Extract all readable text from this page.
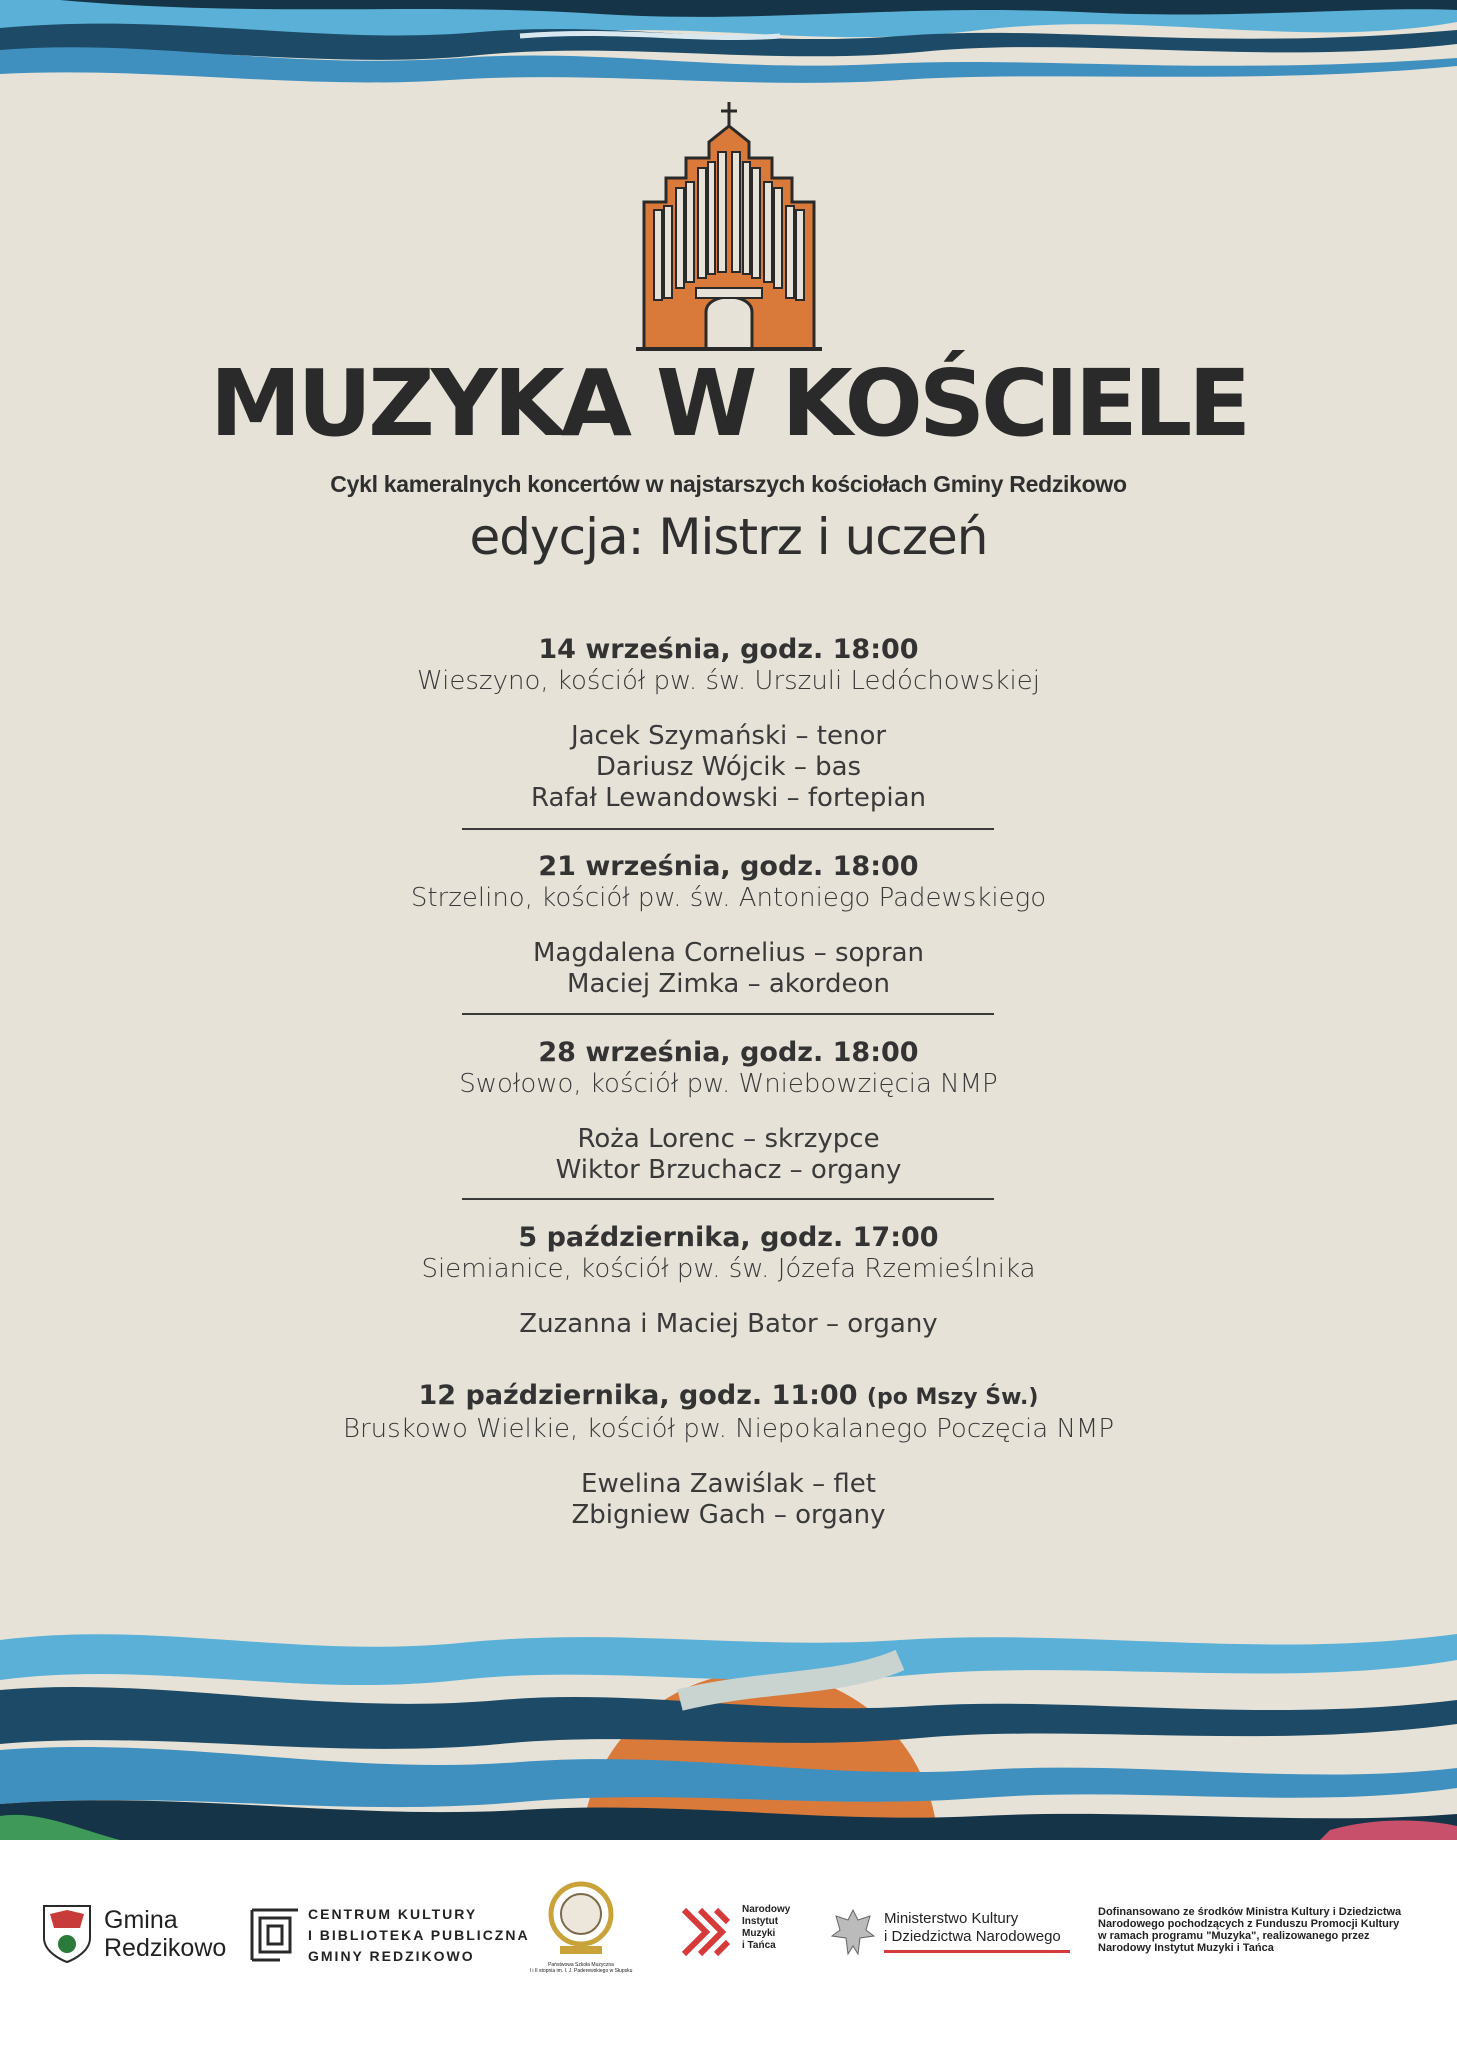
MUZYKA W KOŚCIELE
Cykl kameralnych koncertów w najstarszych kościołach Gminy Redzikowo
edycja: Mistrz i uczeń
14 września, godz. 18:00
Wieszyno, kościół pw. św. Urszuli Ledóchowskiej
Jacek Szymański – tenor
Dariusz Wójcik – bas
Rafał Lewandowski – fortepian
21 września, godz. 18:00
Strzelino, kościół pw. św. Antoniego Padewskiego
Magdalena Cornelius – sopran
Maciej Zimka – akordeon
28 września, godz. 18:00
Swołowo, kościół pw. Wniebowzięcia NMP
Roża Lorenc – skrzypce
Wiktor Brzuchacz – organy
5 października, godz. 17:00
Siemianice, kościół pw. św. Józefa Rzemieślnika
Zuzanna i Maciej Bator – organy
12 października, godz. 11:00 (po Mszy Św.)
Bruskowo Wielkie, kościół pw. Niepokalanego Poczęcia NMP
Ewelina Zawiślak – flet
Zbigniew Gach – organy
Gmina
Redzikowo
CENTRUM KULTURY
I BIBLIOTEKA PUBLICZNA
GMINY REDZIKOWO
Państwowa Szkoła Muzyczna
I i II stopnia im. I. J. Paderewskiego w Słupsku
Narodowy
Instytut
Muzyki
i Tańca
Ministerstwo Kultury
i Dziedzictwa Narodowego
Dofinansowano ze środków Ministra Kultury i Dziedzictwa
Narodowego pochodzących z Funduszu Promocji Kultury
w ramach programu "Muzyka", realizowanego przez
Narodowy Instytut Muzyki i Tańca
